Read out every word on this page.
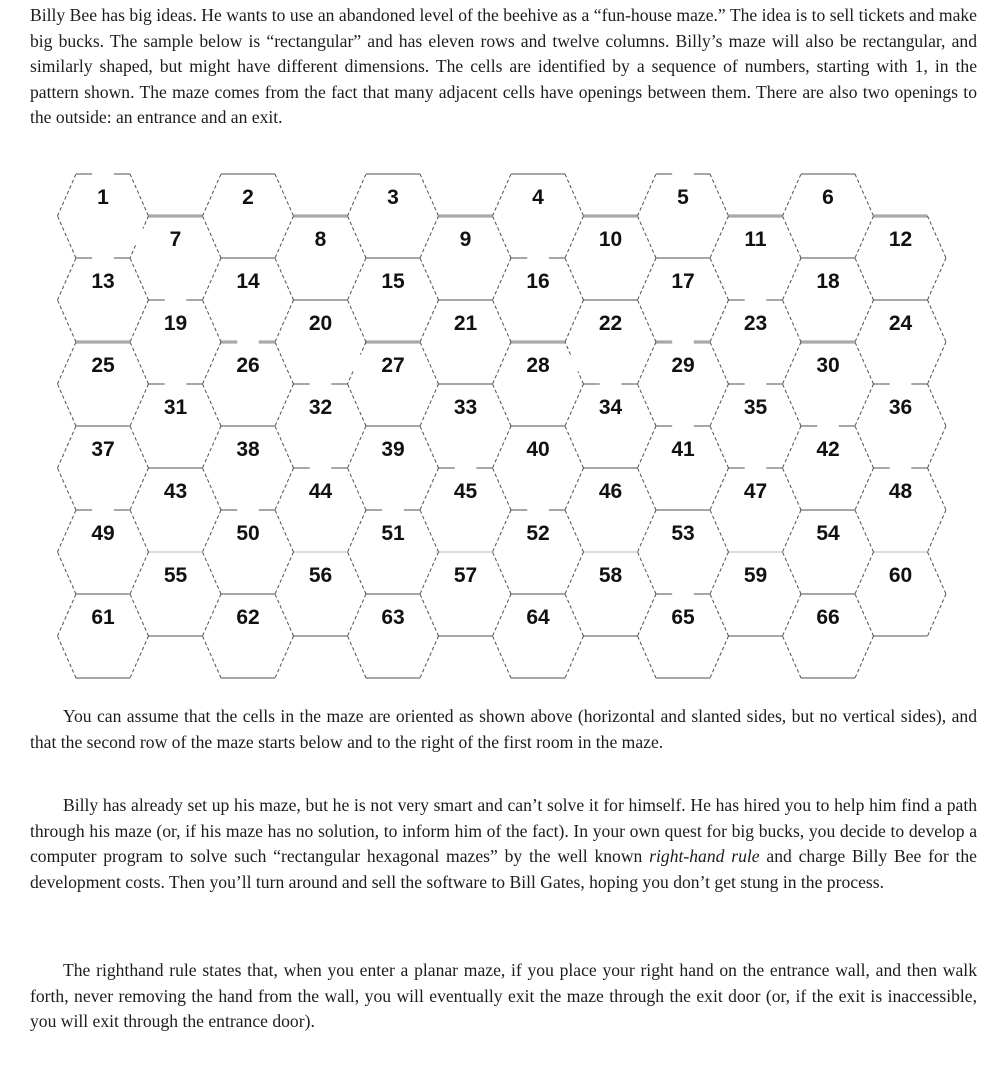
Billy Bee has big ideas. He wants to use an abandoned level of the beehive as a “fun-house maze.” The idea is to sell tickets and make big bucks. The sample below is “rectangular” and has eleven rows and twelve columns. Billy’s maze will also be rectangular, and similarly shaped, but might have different dimensions. The cells are identified by a sequence of numbers, starting with 1, in the pattern shown. The maze comes from the fact that many adjacent cells have openings between them. There are also two openings to the outside: an entrance and an exit.
1	2	3	4	5	6
7	8	9	10	11	12
13	14	15	16	17	18
19	20	21	22	23	24
25	26	27	28	29	30
31	32	33	34	35	36
37	38	39	40	41	42
43	44	45	46	47	48
49	50	51	52	53	54
55	56	57	58	59	60
61	62	63	64	65	66
You can assume that the cells in the maze are oriented as shown above (horizontal and slanted sides, but no vertical sides), and that the second row of the maze starts below and to the right of the first room in the maze.
Billy has already set up his maze, but he is not very smart and can’t solve it for himself. He has hired you to help him find a path through his maze (or, if his maze has no solution, to inform him of the fact). In your own quest for big bucks, you decide to develop a computer program to solve such “rectangular hexagonal mazes” by the well known right-hand rule and charge Billy Bee for the development costs. Then you’ll turn around and sell the software to Bill Gates, hoping you don’t get stung in the process.
The righthand rule states that, when you enter a planar maze, if you place your right hand on the entrance wall, and then walk forth, never removing the hand from the wall, you will eventually exit the maze through the exit door (or, if the exit is inaccessible, you will exit through the entrance door).
